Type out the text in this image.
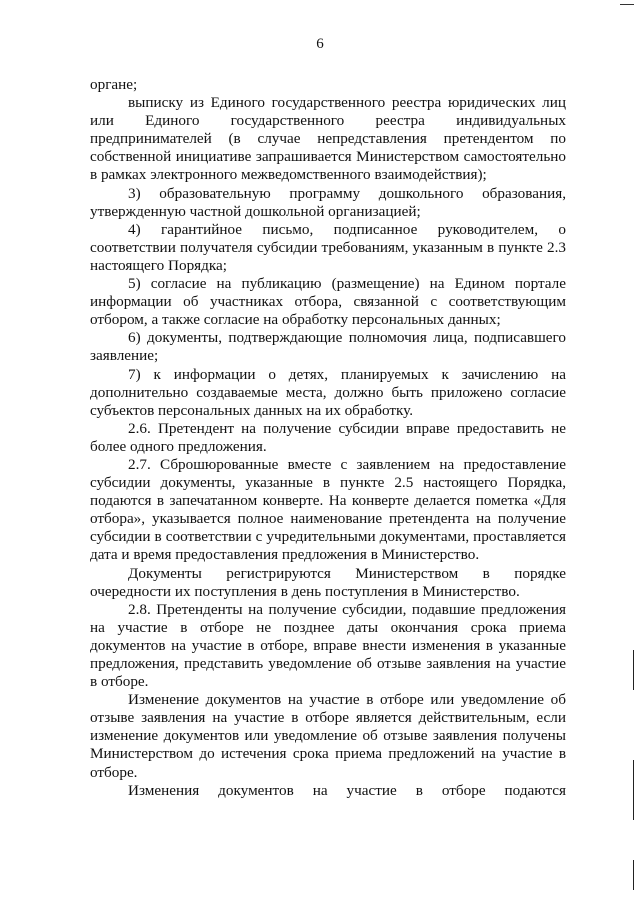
6

органе;

выписку из Единого государственного реестра юридических лиц или Единого государственного реестра индивидуальных предпринимателей (в случае непредставления претендентом по собственной инициативе запрашивается Министерством самостоятельно в рамках электронного межведомственного взаимодействия);

3) образовательную программу дошкольного образования, утвержденную частной дошкольной организацией;

4) гарантийное письмо, подписанное руководителем, о соответствии получателя субсидии требованиям, указанным в пункте 2.3 настоящего Порядка;

5) согласие на публикацию (размещение) на Едином портале информации об участниках отбора, связанной с соответствующим отбором, а также согласие на обработку персональных данных;

6) документы, подтверждающие полномочия лица, подписавшего заявление;

7) к информации о детях, планируемых к зачислению на дополнительно создаваемые места, должно быть приложено согласие субъектов персональных данных на их обработку.

2.6. Претендент на получение субсидии вправе предоставить не более одного предложения.

2.7. Сброшюрованные вместе с заявлением на предоставление субсидии документы, указанные в пункте 2.5 настоящего Порядка, подаются в запечатанном конверте. На конверте делается пометка «Для отбора», указывается полное наименование претендента на получение субсидии в соответствии с учредительными документами, проставляется дата и время предоставления предложения в Министерство.

Документы регистрируются Министерством в порядке очередности их поступления в день поступления в Министерство.

2.8. Претенденты на получение субсидии, подавшие предложения на участие в отборе не позднее даты окончания срока приема документов на участие в отборе, вправе внести изменения в указанные предложения, представить уведомление об отзыве заявления на участие в отборе.

Изменение документов на участие в отборе или уведомление об отзыве заявления на участие в отборе является действительным, если изменение документов или уведомление об отзыве заявления получены Министерством до истечения срока приема предложений на участие в отборе.

Изменения документов на участие в отборе подаются
